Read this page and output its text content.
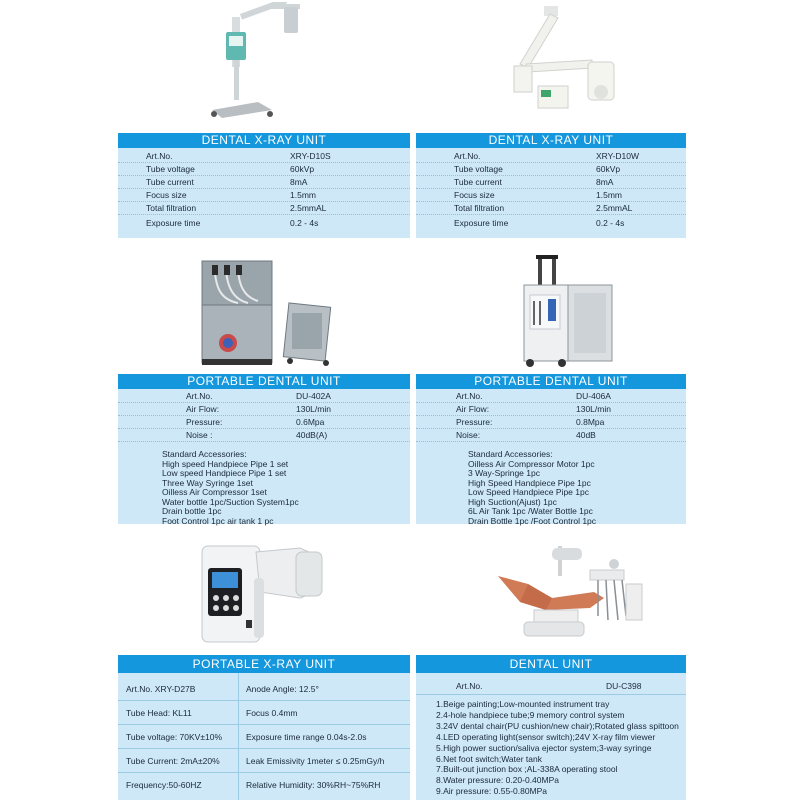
DENTAL X-RAY UNIT
Art.No.	XRY-D10S
Tube voltage	60kVp
Tube current	8mA
Focus size	1.5mm
Total filtration	2.5mmAL
Exposure time	0.2 - 4s
DENTAL X-RAY UNIT
Art.No.	XRY-D10W
Tube voltage	60kVp
Tube current	8mA
Focus size	1.5mm
Total filtration	2.5mmAL
Exposure time	0.2 - 4s
PORTABLE DENTAL UNIT
Art.No.	DU-402A
Air Flow:	130L/min
Pressure:	0.6Mpa
Noise :	40dB(A)
Standard Accessories:
High speed Handpiece Pipe 1 set
Low speed Handpiece Pipe 1 set
Three Way Syringe 1set
Oilless Air Compressor 1set
Water bottle 1pc/Suction System1pc
Drain bottle 1pc
Foot Control 1pc air tank 1 pc
PORTABLE DENTAL UNIT
Art.No.	DU-406A
Air Flow:	130L/min
Pressure:	0.8Mpa
Noise:	40dB
Standard Accessories:
Oilless Air Compressor Motor 1pc
3 Way-Springe 1pc
High Speed Handpiece Pipe 1pc
Low Speed Handpiece Pipe 1pc
High Suction(Ajust) 1pc
6L Air Tank 1pc /Water Bottle 1pc
Drain Bottle 1pc /Foot Control 1pc
PORTABLE X-RAY UNIT
Art.No. XRY-D27B	Anode Angle: 12.5°
Tube Head: KL11	Focus 0.4mm
Tube voltage: 70KV±10%	Exposure time range 0.04s-2.0s
Tube Current: 2mA±20%	Leak Emissivity 1meter ≤ 0.25mGy/h
Frequency:50-60HZ	Relative Humidity: 30%RH~75%RH
DENTAL UNIT
Art.No.	DU-C398
1.Beige painting;Low-mounted instrument tray
2.4-hole handpiece tube;9 memory control system
3.24V dental chair(PU cushion/new chair);Rotated glass spittoon
4.LED operating light(sensor switch);24V X-ray film viewer
5.High power suction/saliva ejector system;3-way syringe
6.Net foot switch;Water tank
7.Built-out junction box ;AL-338A operating stool
8.Water pressure: 0.20-0.40MPa
9.Air pressure: 0.55-0.80MPa
